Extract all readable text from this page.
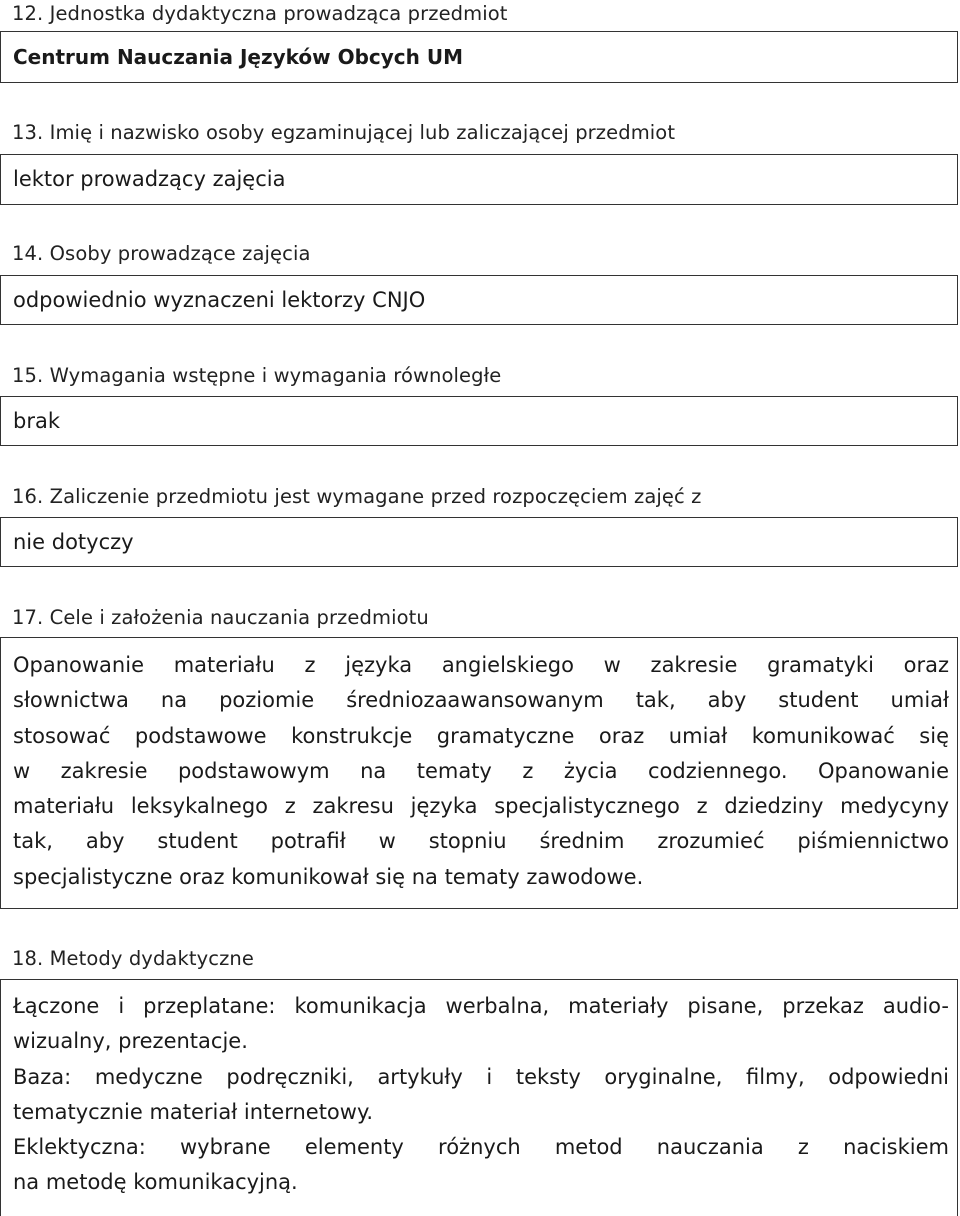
12. Jednostka dydaktyczna prowadząca przedmiot
Centrum Nauczania Języków Obcych UM
13. Imię i nazwisko osoby egzaminującej lub zaliczającej przedmiot
lektor prowadzący zajęcia
14. Osoby prowadzące zajęcia
odpowiednio wyznaczeni lektorzy CNJO
15. Wymagania wstępne i wymagania równoległe
brak
16. Zaliczenie przedmiotu jest wymagane przed rozpoczęciem zajęć z
nie dotyczy
17. Cele i założenia nauczania przedmiotu
Opanowanie materiału z języka angielskiego w zakresie gramatyki oraz
słownictwa na poziomie średniozaawansowanym tak, aby student umiał
stosować podstawowe konstrukcje gramatyczne oraz umiał komunikować się
w zakresie podstawowym na tematy z życia codziennego. Opanowanie
materiału leksykalnego z zakresu języka specjalistycznego z dziedziny medycyny
tak, aby student potrafił w stopniu średnim zrozumieć piśmiennictwo
specjalistyczne oraz komunikował się na tematy zawodowe.
18. Metody dydaktyczne
Łączone i przeplatane: komunikacja werbalna, materiały pisane, przekaz audio-
wizualny, prezentacje.
Baza: medyczne podręczniki, artykuły i teksty oryginalne, filmy, odpowiedni
tematycznie materiał internetowy.
Eklektyczna: wybrane elementy różnych metod nauczania z naciskiem
na metodę komunikacyjną.
